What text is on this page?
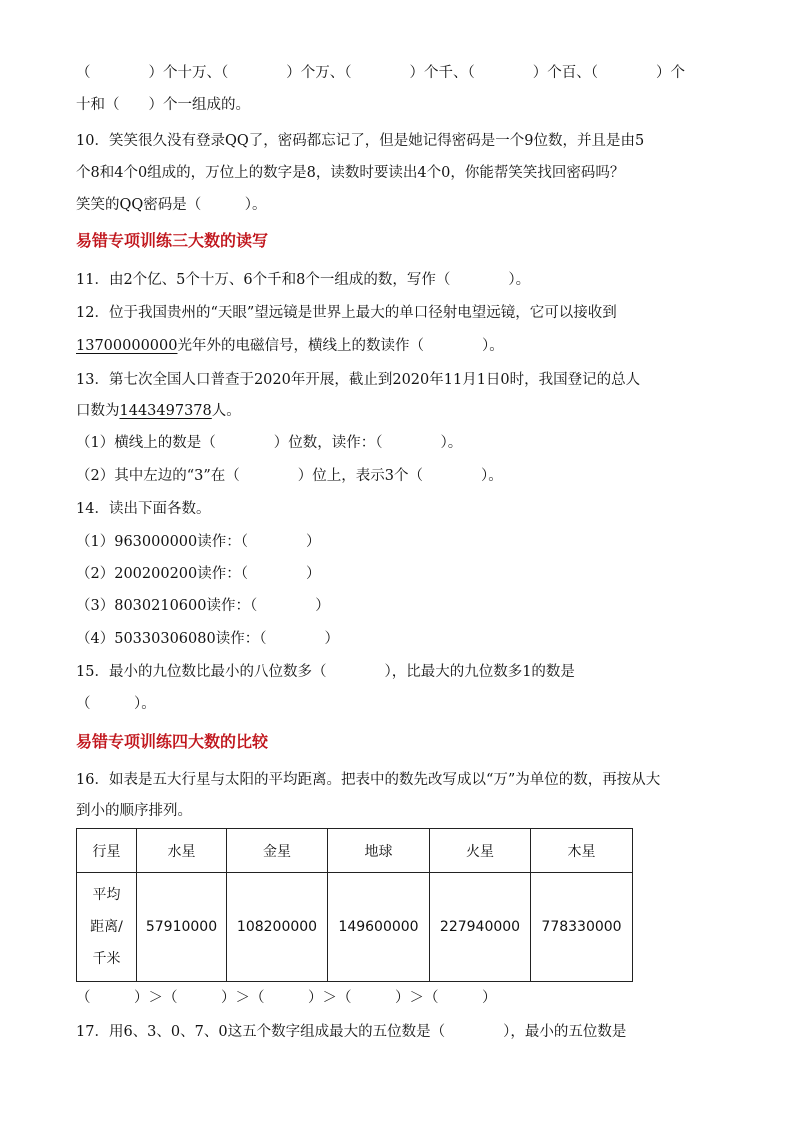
（　　　　）个十万、（　　　　）个万、（　　　　）个千、（　　　　）个百、（　　　　）个
十和（　　）个一组成的。
10．笑笑很久没有登录QQ了，密码都忘记了，但是她记得密码是一个9位数，并且是由5
个8和4个0组成的，万位上的数字是8，读数时要读出4个0，你能帮笑笑找回密码吗？
笑笑的QQ密码是（　　　）。
易错专项训练三大数的读写
11．由2个亿、5个十万、6个千和8个一组成的数，写作（　　　　）。
12．位于我国贵州的“天眼”望远镜是世界上最大的单口径射电望远镜，它可以接收到
13700000000光年外的电磁信号，横线上的数读作（　　　　）。
13．第七次全国人口普查于2020年开展，截止到2020年11月1日0时，我国登记的总人
口数为1443497378人。
（1）横线上的数是（　　　　）位数，读作：（　　　　）。
（2）其中左边的“3”在（　　　　）位上，表示3个（　　　　）。
14．读出下面各数。
（1）963000000读作：（　　　　）
（2）200200200读作：（　　　　）
（3）8030210600读作：（　　　　）
（4）50330306080读作：（　　　　）
15．最小的九位数比最小的八位数多（　　　　），比最大的九位数多1的数是
（　　　）。
易错专项训练四大数的比较
16．如表是五大行星与太阳的平均距离。把表中的数先改写成以“万”为单位的数，再按从大
到小的顺序排列。
行星	水星	金星	地球	火星	木星

平均
距离/
千米	57910000	108200000	149600000	227940000	778330000
（　　　）＞（　　　）＞（　　　）＞（　　　）＞（　　　）
17．用6、3、0、7、0这五个数字组成最大的五位数是（　　　　），最小的五位数是
